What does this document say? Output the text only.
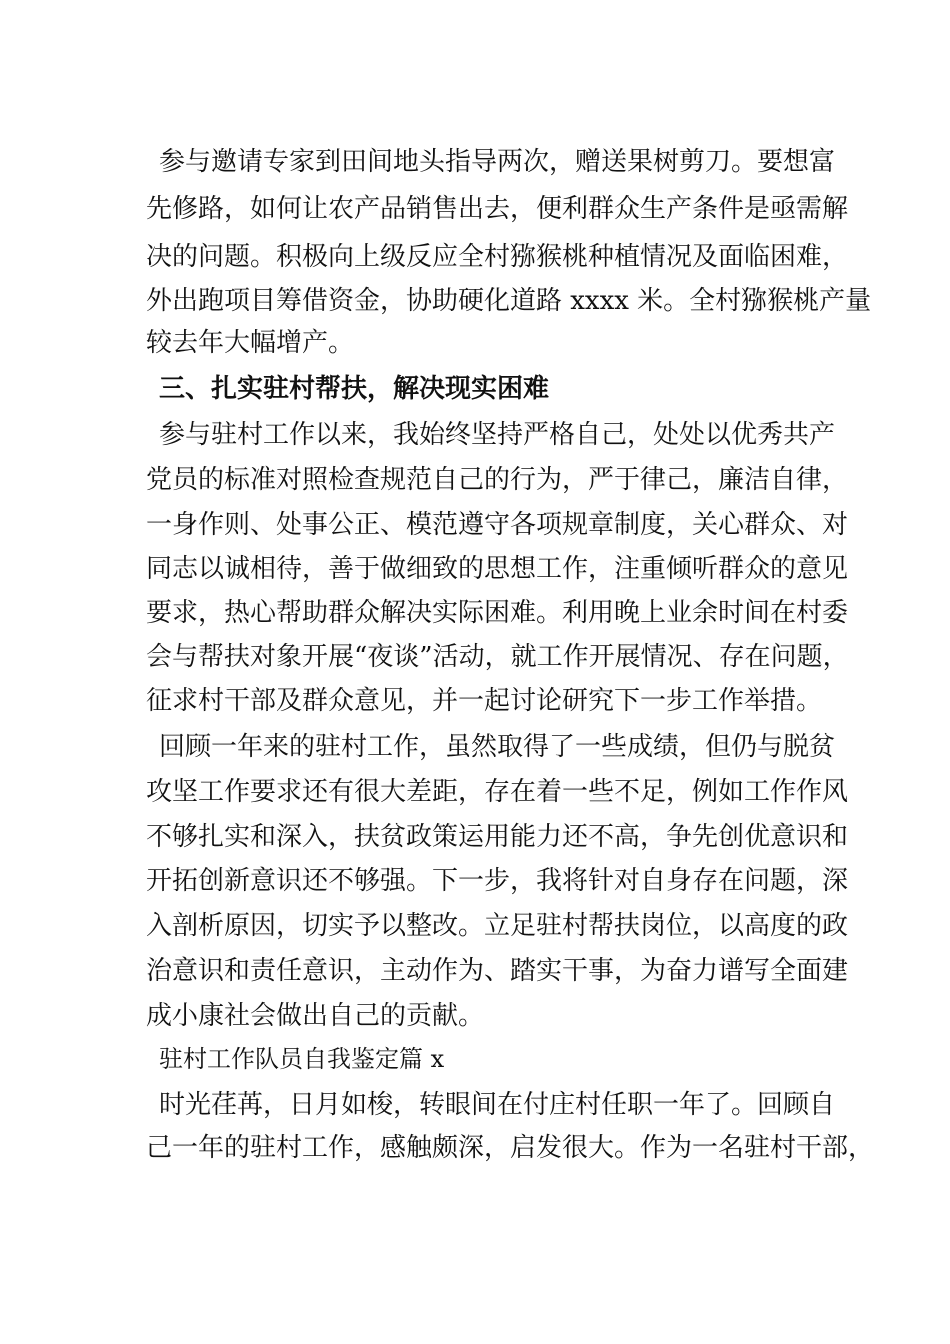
参与邀请专家到田间地头指导两次，赠送果树剪刀。要想富
先修路，如何让农产品销售出去，便利群众生产条件是亟需解
决的问题。积极向上级反应全村猕猴桃种植情况及面临困难，
外出跑项目筹借资金，协助硬化道路 xxxx 米。全村猕猴桃产量
较去年大幅增产。
三、扎实驻村帮扶，解决现实困难
参与驻村工作以来，我始终坚持严格自己，处处以优秀共产
党员的标准对照检查规范自己的行为，严于律己，廉洁自律，
一身作则、处事公正、模范遵守各项规章制度，关心群众、对
同志以诚相待，善于做细致的思想工作，注重倾听群众的意见
要求，热心帮助群众解决实际困难。利用晚上业余时间在村委
会与帮扶对象开展“夜谈”活动，就工作开展情况、存在问题，
征求村干部及群众意见，并一起讨论研究下一步工作举措。
回顾一年来的驻村工作，虽然取得了一些成绩，但仍与脱贫
攻坚工作要求还有很大差距，存在着一些不足，例如工作作风
不够扎实和深入，扶贫政策运用能力还不高，争先创优意识和
开拓创新意识还不够强。下一步，我将针对自身存在问题，深
入剖析原因，切实予以整改。立足驻村帮扶岗位，以高度的政
治意识和责任意识，主动作为、踏实干事，为奋力谱写全面建
成小康社会做出自己的贡献。
驻村工作队员自我鉴定篇 x
时光荏苒，日月如梭，转眼间在付庄村任职一年了。回顾自
己一年的驻村工作，感触颇深，启发很大。作为一名驻村干部，
